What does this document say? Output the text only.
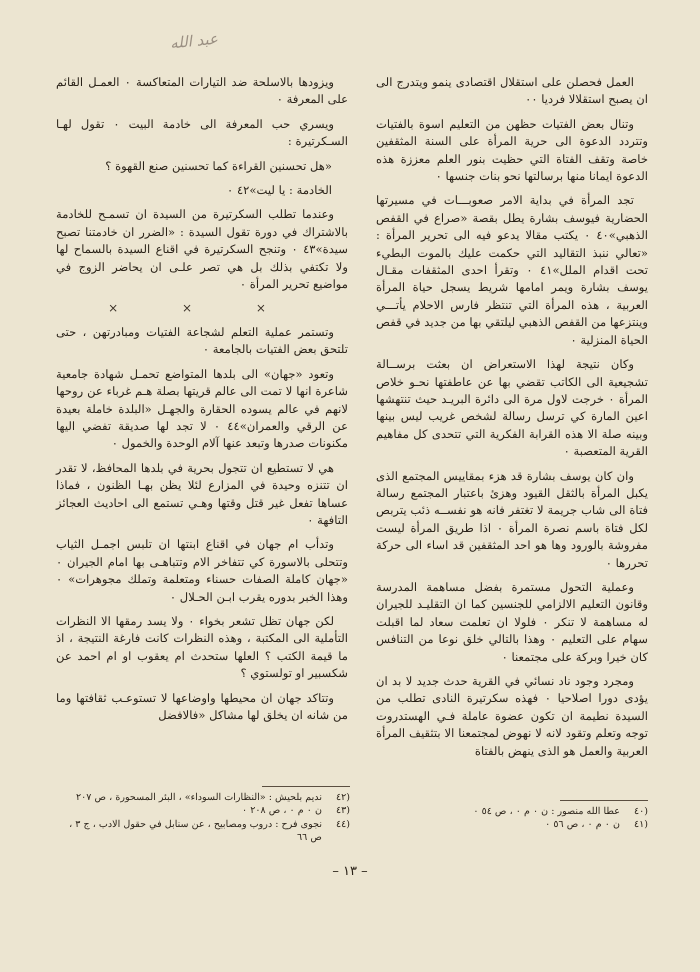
عبد الله

العمل فحصلن على استقلال اقتصادى ينمو ويتدرج الى ان يصبح استقلالا فرديا ٠٠

وتنال بعض الفتيات حظهن من التعليم اسوة بالفتيات وتتردد الدعوة الى حرية المرأة على السنة المثقفين خاصة وتقف الفتاة التي حظيت بنور العلم معززة هذه الدعوة ايمانا منها برسالتها نحو بنات جنسها ٠

تجد المرأة في بداية الامر صعوبـــات في مسيرتها الحضارية فيوسف بشارة يطل بقصة «صراع في القفص الذهبي»٤٠ ٠ يكتب مقالا يدعو فيه الى تحرير المرأة : «تعالي ننبذ التقاليد التي حكمت عليك بالموت البطيء تحت اقدام الملل»٤١ ٠ وتقرأ احدى المثقفات مقـال يوسف بشارة ويمر امامها شريط يسجل حياة المرأة العربية ، هذه المرأة التي تنتظر فارس الاحلام يأتـــي وينتزعها من القفص الذهبي ليلتقي بها من جديد في قفص الحياة المنزلية ٠

وكان نتيجة لهذا الاستعراض ان بعثت برســالة تشجيعية الى الكاتب تقضي بها عن عاطفتها نحـو خلاص المرأة ٠ خرجت لاول مرة الى دائرة البريـد حيث تنتهشها اعين المارة كي ترسل رسالة لشخص غريب ليس بينها وبينه صلة الا هذه القرابة الفكرية التي تتحدى كل مفاهيم القرية المتعصبة ٠

وان كان يوسف بشارة قد هزء بمقاييس المجتمع الذى يكبل المرأة بالثقل القيود وهزئ باعتبار المجتمع رسالة فتاة الى شاب جريمة لا تغتفر فانه هو نفســه ذئب يتربص لكل فتاة باسم نصرة المرأة ٠ اذا طريق المرأة ليست مفروشة بالورود وها هو احد المثقفين قد اساء الى حركة تحررها ٠

وعملية التحول مستمرة بفضل مساهمة المدرسة وقانون التعليم الالزامي للجنسين كما ان التقليـد للجيران له مساهمة لا تنكر ٠ فلولا ان تعلمت سعاد لما اقبلت سهام على التعليم ٠ وهذا بالتالي خلق نوعا من التنافس كان خيرا وبركة على مجتمعنا ٠

ومجرد وجود ناد نسائي في القرية حدث جديد لا بد ان يؤدى دورا اصلاحيا ٠ فهذه سكرتيرة النادى تطلب من السيدة نطيمة ان تكون عضوة عاملة فـي الهستدروت توجه وتعلم وتقود لانه لا نهوض لمجتمعنا الا بتثقيف المرأة العربية والعمل هو الذى ينهض بالفتاة

ويزودها بالاسلحة ضد التيارات المتعاكسة ٠ العمـل القائم على المعرفة ٠

ويسري حب المعرفة الى خادمة البيت ٠ تقول لهـا السـكرتيرة :

«هل تحسنين القراءة كما تحسنين صنع القهوة ؟

الخادمة : يا ليت»٤٢ ٠

وعندما تطلب السكرتيرة من السيدة ان تسمـح للخادمة بالاشتراك في دورة تقول السيدة : «الضرر ان خادمتنا تصبح سيدة»٤٣ ٠ وتنجح السكرتيرة في اقناع السيدة بالسماح لها ولا تكتفي بذلك بل هي تصر علـى ان يحاضر الزوج في مواضيع تحرير المرأة ٠

× × ×

وتستمر عملية التعلم لشجاعة الفتيات ومبادرتهن ، حتى تلتحق بعض الفتيات بالجامعة ٠

وتعود «جهان» الى بلدها المتواضع تحمـل شهادة جامعية شاعرة انها لا تمت الى عالم قريتها بصلة هـم غرباء عن روحها لانهم في عالم يسوده الحقارة والجهـل «البلدة خاملة بعيدة عن الرقي والعمران»٤٤ ٠ لا تجد لها صديقة تفضي اليها مكنونات صدرها وتبعد عنها آلام الوحدة والخمول ٠

هي لا تستطيع ان تتجول بحرية في بلدها المحافظ، لا تقدر ان تتنزه وحيدة في المزارع لئلا يظن بهـا الظنون ، فماذا عساها تفعل غير قتل وقتها وهـي تستمع الى احاديث العجائز التافهة ٠

وتدأب ام جهان في اقناع ابنتها ان تلبس اجمـل الثياب وتتحلى بالاسورة كي تتفاخر الام وتتباهـى بها امام الجيران ٠ «جهان كاملة الصفات حسناء ومتعلمة وتملك مجوهرات» ٠ وهذا الخبر بدوره يقرب ابـن الحـلال ٠

لكن جهان تظل تشعر بخواء ٠ ولا يسد رمقها الا النظرات التأملية الى المكتبة ، وهذه النظرات كانت فارغة النتيجة ، اذ ما قيمة الكتب ؟ العلها ستحدث ام يعقوب او ام احمد عن شكسبير او تولستوي ؟

وتتاكد جهان ان محيطها واوضاعها لا تستوعـب ثقافتها وما من شانه ان يخلق لها مشاكل «فالافضل

(٤٠
عطا الله منصور : ن ٠ م ٠ ، ص ٥٤ ٠
(٤١
ن ٠ م ٠ ، ص ٥٦ ٠
(٤٢
نديم بلحيش : «النظارات السوداء» ، البئر المسحورة ، ص ٢٠٧
(٤٣
ن ٠ م ٠ ، ص ٢٠٨ ٠
(٤٤
نجوى فرح : دروب ومصابيح ، عن سنابل في حقول الادب ، ج ٣ ، ص ٦٦
– ١٣ –
